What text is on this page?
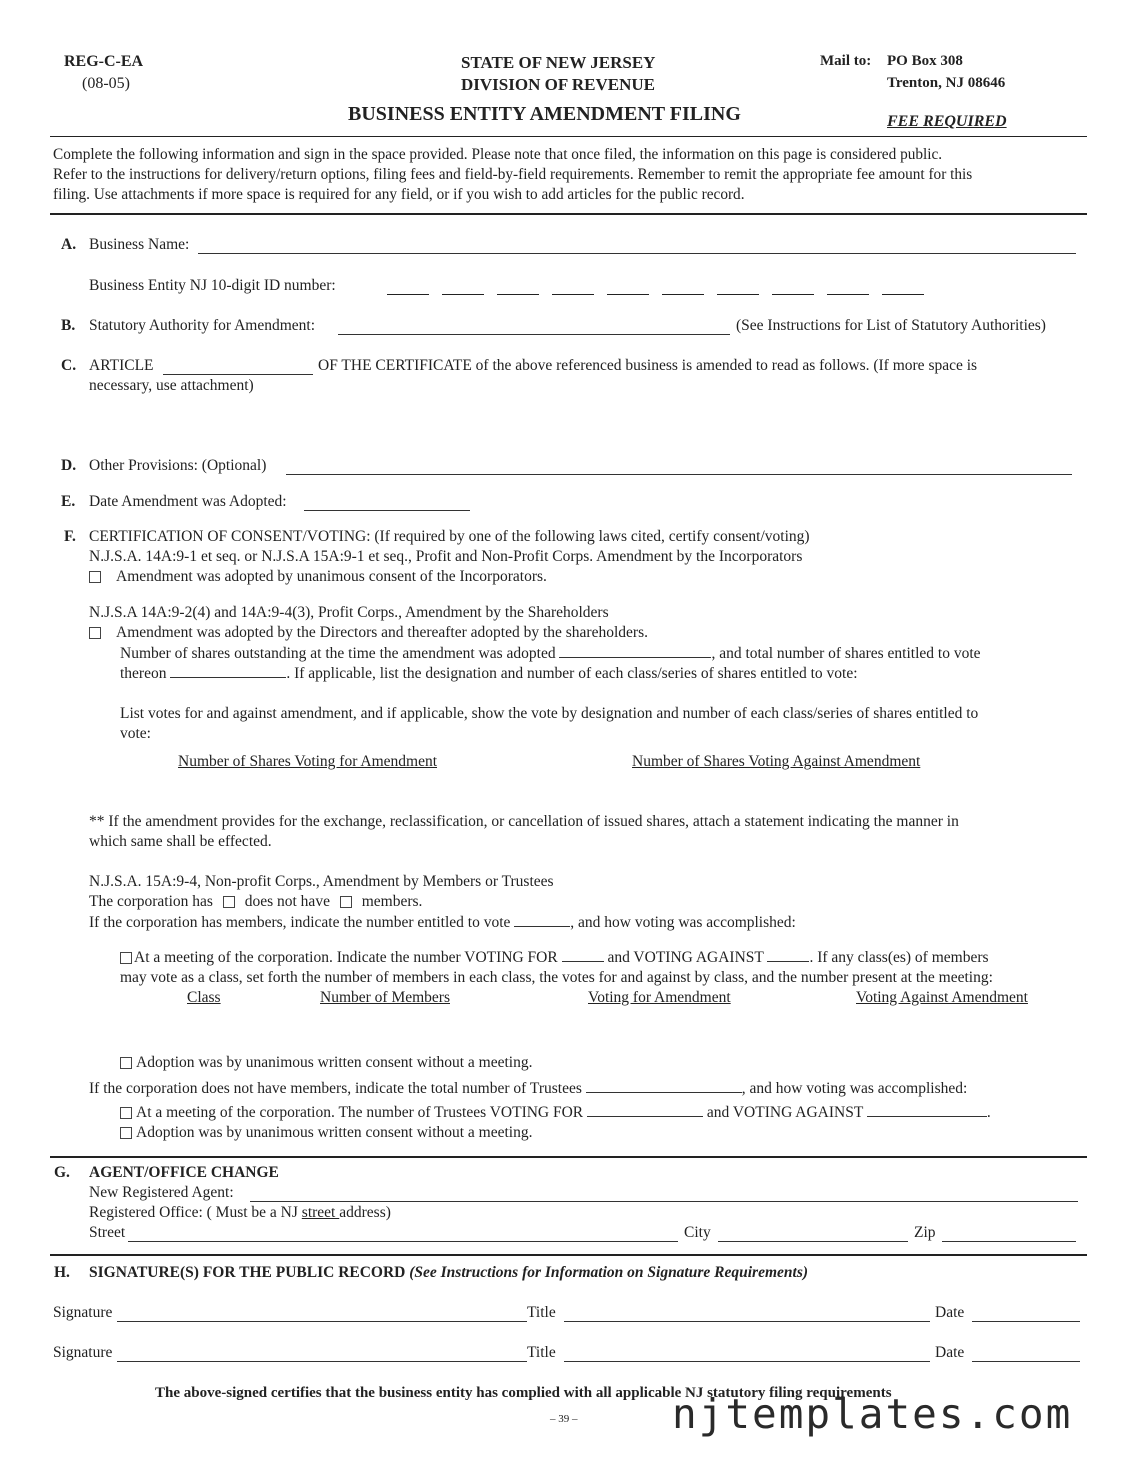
REG-C-EA
(08-05)
STATE OF NEW JERSEY
DIVISION OF REVENUE
BUSINESS ENTITY AMENDMENT FILING
Mail to: PO Box 308
Trenton, NJ 08646
FEE REQUIRED
Complete the following information and sign in the space provided. Please note that once filed, the information on this page is considered public.
Refer to the instructions for delivery/return options, filing fees and field-by-field requirements. Remember to remit the appropriate fee amount for this
filing. Use attachments if more space is required for any field, or if you wish to add articles for the public record.
A. Business Name:
Business Entity NJ 10-digit ID number:
B. Statutory Authority for Amendment:	(See Instructions for List of Statutory Authorities)
C. ARTICLE	OF THE CERTIFICATE of the above referenced business is amended to read as follows. (If more space is
necessary, use attachment)
D. Other Provisions: (Optional)
E. Date Amendment was Adopted:
F. CERTIFICATION OF CONSENT/VOTING: (If required by one of the following laws cited, certify consent/voting)
N.J.S.A. 14A:9-1 et seq. or N.J.S.A 15A:9-1 et seq., Profit and Non-Profit Corps. Amendment by the Incorporators
Amendment was adopted by unanimous consent of the Incorporators.
N.J.S.A 14A:9-2(4) and 14A:9-4(3), Profit Corps., Amendment by the Shareholders
Amendment was adopted by the Directors and thereafter adopted by the shareholders.
Number of shares outstanding at the time the amendment was adopted	, and total number of shares entitled to vote
thereon	. If applicable, list the designation and number of each class/series of shares entitled to vote:
List votes for and against amendment, and if applicable, show the vote by designation and number of each class/series of shares entitled to
vote:
Number of Shares Voting for Amendment	Number of Shares Voting Against Amendment
** If the amendment provides for the exchange, reclassification, or cancellation of issued shares, attach a statement indicating the manner in
which same shall be effected.
N.J.S.A. 15A:9-4, Non-profit Corps., Amendment by Members or Trustees
The corporation has does not have members.
If the corporation has members, indicate the number entitled to vote	, and how voting was accomplished:
At a meeting of the corporation. Indicate the number VOTING FOR	and VOTING AGAINST	. If any class(es) of members
may vote as a class, set forth the number of members in each class, the votes for and against by class, and the number present at the meeting:
Class	Number of Members	Voting for Amendment	Voting Against Amendment
Adoption was by unanimous written consent without a meeting.
If the corporation does not have members, indicate the total number of Trustees	, and how voting was accomplished:
At a meeting of the corporation. The number of Trustees VOTING FOR	and VOTING AGAINST	.
Adoption was by unanimous written consent without a meeting.
G. AGENT/OFFICE CHANGE
New Registered Agent:
Registered Office: ( Must be a NJ street address)
Street	City	Zip
H. SIGNATURE(S) FOR THE PUBLIC RECORD (See Instructions for Information on Signature Requirements)
Signature	Title	Date
Signature	Title	Date
The above-signed certifies that the business entity has complied with all applicable NJ statutory filing requirements
– 39 – njtemplates.com
